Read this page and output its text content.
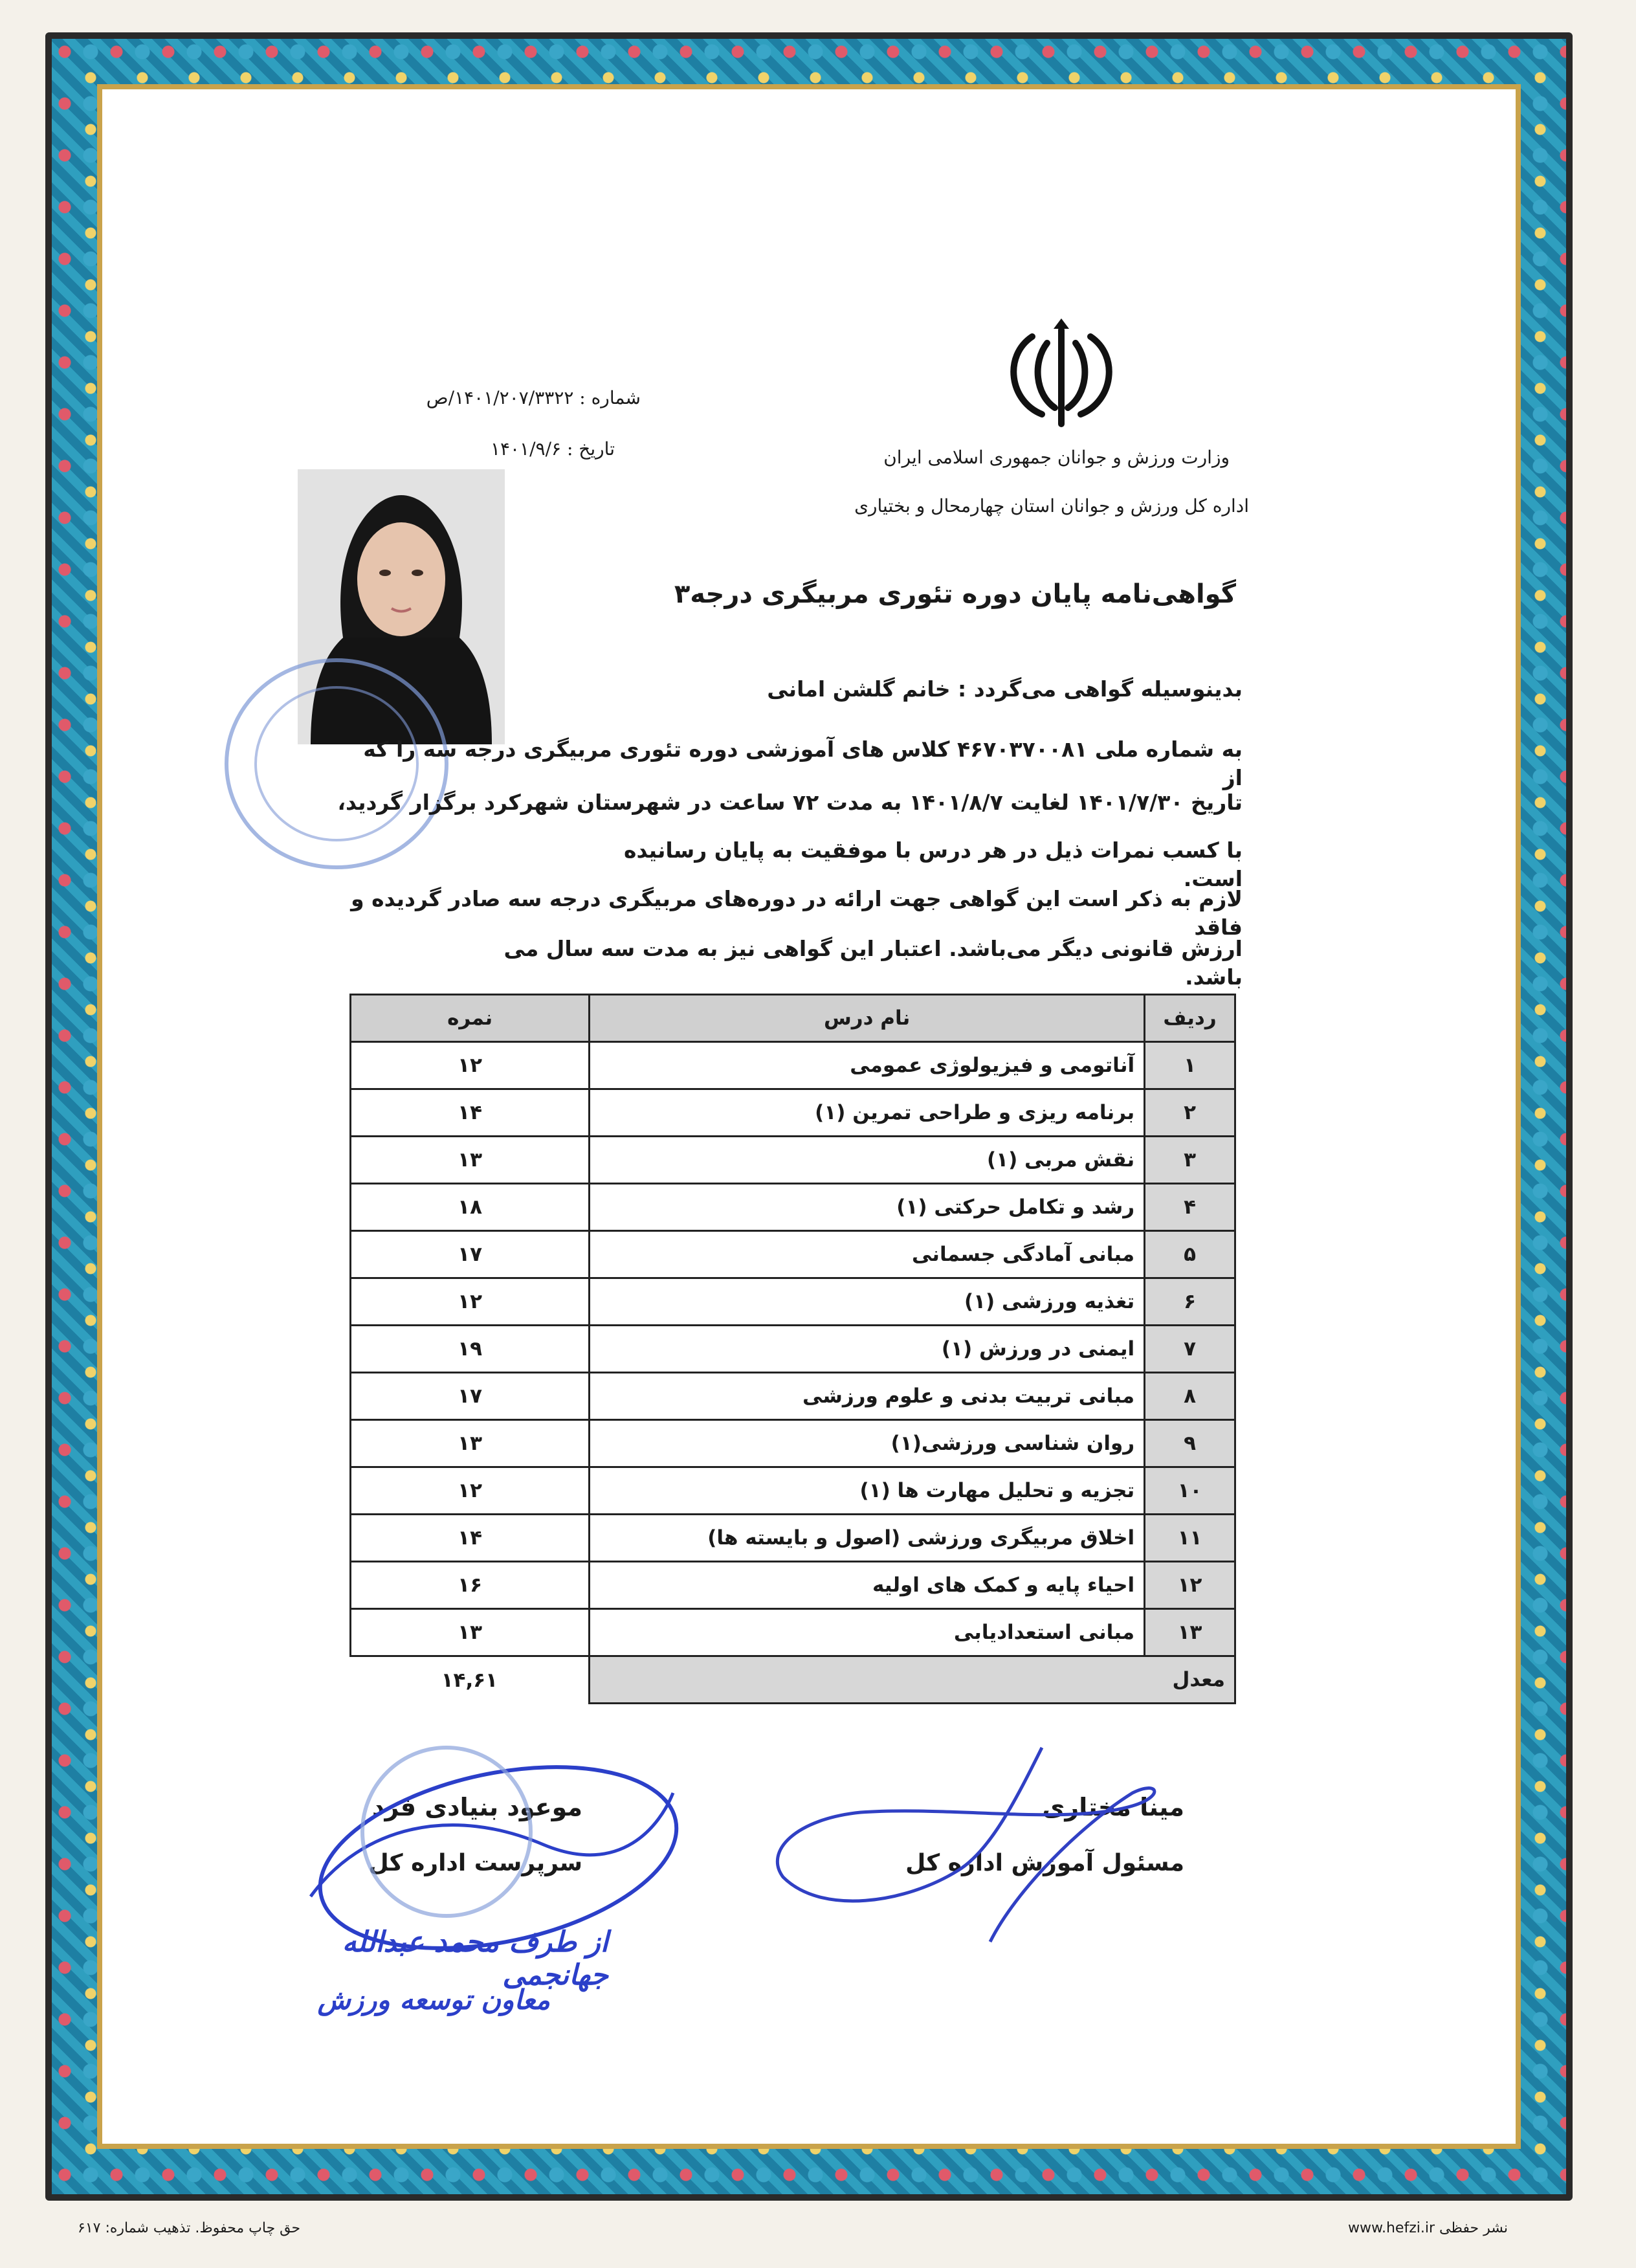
وزارت ورزش و جوانان جمهوری اسلامی ایران
اداره کل ورزش و جوانان استان چهارمحال و بختیاری
شماره : ۱۴۰۱/۲۰۷/۳۳۲۲/ص
تاریخ : ۱۴۰۱/۹/۶
گواهی‌نامه پایان دوره تئوری مربیگری درجه۳
بدینوسیله گواهی می‌گردد : خانم گلشن امانی
به شماره ملی ۴۶۷۰۳۷۰۰۸۱ کلاس های آموزشی دوره تئوری مربیگری درجه سه را که از
تاریخ ۱۴۰۱/۷/۳۰ لغایت ۱۴۰۱/۸/۷ به مدت ۷۲ ساعت در شهرستان شهرکرد برگزار گردید،
با کسب نمرات ذیل در هر درس با موفقیت به پایان رسانیده است.
لازم به ذکر است این گواهی جهت ارائه در دوره‌های مربیگری درجه سه صادر گردیده و فاقد
ارزش قانونی دیگر می‌باشد. اعتبار این گواهی نیز به مدت سه سال می باشد.
ردیف	نام درس	نمره
۱	آناتومی و فیزیولوژی عمومی	۱۲
۲	برنامه ریزی و طراحی تمرین (۱)	۱۴
۳	نقش مربی (۱)	۱۳
۴	رشد و تکامل حرکتی (۱)	۱۸
۵	مبانی آمادگی جسمانی	۱۷
۶	تغذیه ورزشی (۱)	۱۲
۷	ایمنی در ورزش (۱)	۱۹
۸	مبانی تربیت بدنی و علوم ورزشی	۱۷
۹	روان شناسی ورزشی(۱)	۱۳
۱۰	تجزیه و تحلیل مهارت ها (۱)	۱۲
۱۱	اخلاق مربیگری ورزشی (اصول و بایسته ها)	۱۴
۱۲	احیاء پایه و کمک های اولیه	۱۶
۱۳	مبانی استعدادیابی	۱۳
معدل		۱۴,۶۱
مینا مختاری
مسئول آموزش اداره کل
موعود بنیادی فرد
سرپرست اداره کل
از طرف محمد عبدالله جهانجمی
معاون توسعه ورزش
حق چاپ محفوظ. تذهیب شماره: ۶۱۷	www.hefzi.ir نشر حفظی
